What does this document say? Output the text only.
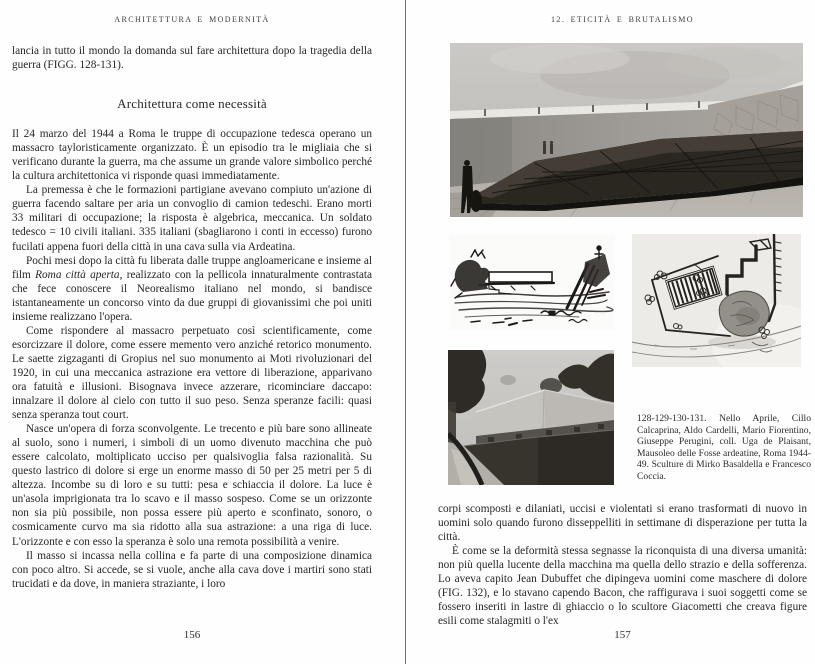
ARCHITETTURA E MODERNITÀ

lancia in tutto il mondo la domanda sul fare architettura dopo la tragedia della guerra (FIGG. 128-131).

Architettura come necessità

Il 24 marzo del 1944 a Roma le truppe di occupazione tedesca operano un massacro tayloristicamente organizzato. È un episodio tra le migliaia che si verificano durante la guerra, ma che assume un grande valore simbolico perché la cultura architettonica vi risponde quasi immediatamente.

La premessa è che le formazioni partigiane avevano compiuto un'azione di guerra facendo saltare per aria un convoglio di camion tedeschi. Erano morti 33 militari di occupazione; la risposta è algebrica, meccanica. Un soldato tedesco = 10 civili italiani. 335 italiani (sbagliarono i conti in eccesso) furono fucilati appena fuori della città in una cava sulla via Ardeatina.

Pochi mesi dopo la città fu liberata dalle truppe angloamericane e insieme al film Roma città aperta, realizzato con la pellicola innaturalmente contrastata che fece conoscere il Neorealismo italiano nel mondo, si bandisce istantaneamente un concorso vinto da due gruppi di giovanissimi che poi uniti insieme realizzano l'opera.

Come rispondere al massacro perpetuato così scientificamente, come esorcizzare il dolore, come essere memento vero anziché retorico monumento. Le saette zigzaganti di Gropius nel suo monumento ai Moti rivoluzionari del 1920, in cui una meccanica astrazione era vettore di liberazione, apparivano ora fatuità e illusioni. Bisognava invece azzerare, ricominciare daccapo: innalzare il dolore al cielo con tutto il suo peso. Senza speranze facili: quasi senza speranza tout court.

Nasce un'opera di forza sconvolgente. Le trecento e più bare sono allineate al suolo, sono i numeri, i simboli di un uomo divenuto macchina che può essere calcolato, moltiplicato ucciso per qualsivoglia falsa razionalità. Su questo lastrico di dolore si erge un enorme masso di 50 per 25 metri per 5 di altezza. Incombe su di loro e su tutti: pesa e schiaccia il dolore. La luce è un'asola imprigionata tra lo scavo e il masso sospeso. Come se un orizzonte non sia più possibile, non possa essere più aperto e sconfinato, sonoro, o cosmicamente curvo ma sia ridotto alla sua astrazione: a una riga di luce. L'orizzonte e con esso la speranza è solo una remota possibilità a venire.

Il masso si incassa nella collina e fa parte di una composizione dinamica con poco altro. Si accede, se si vuole, anche alla cava dove i martiri sono stati trucidati e da dove, in maniera straziante, i loro

156
12. ETICITÀ E BRUTALISMO
128-129-130-131. Nello Aprile, Cillo Calcaprina, Aldo Cardelli, Mario Fiorentino, Giuseppe Perugini, coll. Uga de Plaisant, Mausoleo delle Fosse ardeatine, Roma 1944-49. Sculture di Mirko Basaldella e Francesco Coccia.

corpi scomposti e dilaniati, uccisi e violentati si erano trasformati di nuovo in uomini solo quando furono disseppelliti in settimane di disperazione per tutta la città.

È come se la deformità stessa segnasse la riconquista di una diversa umanità: non più quella lucente della macchina ma quella dello strazio e della sofferenza. Lo aveva capito Jean Dubuffet che dipingeva uomini come maschere di dolore (FIG. 132), e lo stavano capendo Bacon, che raffigurava i suoi soggetti come se fossero inseriti in lastre di ghiaccio o lo scultore Giacometti che creava figure esili come stalagmiti o l'ex

157
